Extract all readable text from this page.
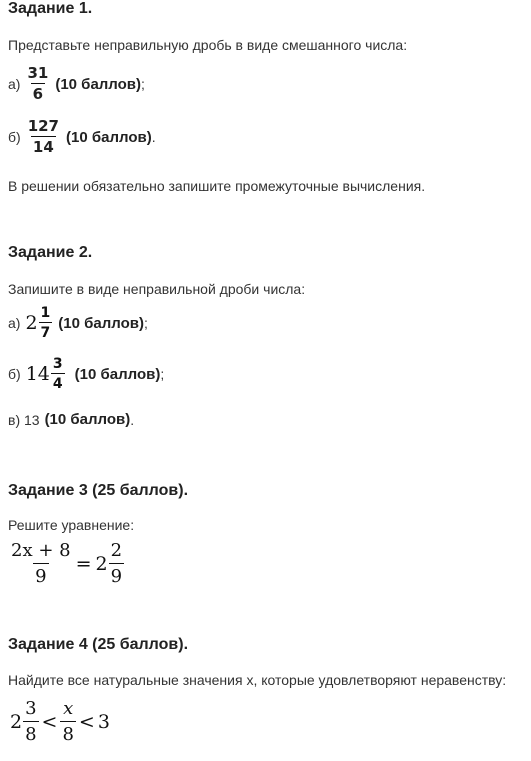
Задание 1.
Представьте неправильную дробь в виде смешанного числа:
$а) \frac{31}{6} (10$ баллов) ;
$б) \frac{127}{14} (10$ баллов) .
В решении обязательно запишите промежуточные вычисления.
Задание 2.
Запишите в виде неправильной дроби числа:
а) $2 \frac{1}{7} (10$ баллов) ;
б) $14 \frac{3}{4} (10$ баллов) ;
в) 13 (10 баллов) .
Задание 3 (25 баллов).
Решите уравнение:
$\frac{2x + 8}{9} = 2 \frac{2}{9}$
Задание 4 (25 баллов).
Найдите все натуральные значения x, которые удовлетворяют неравенству:
$2 \frac{3}{8} < \frac{x}{8} < 3$
